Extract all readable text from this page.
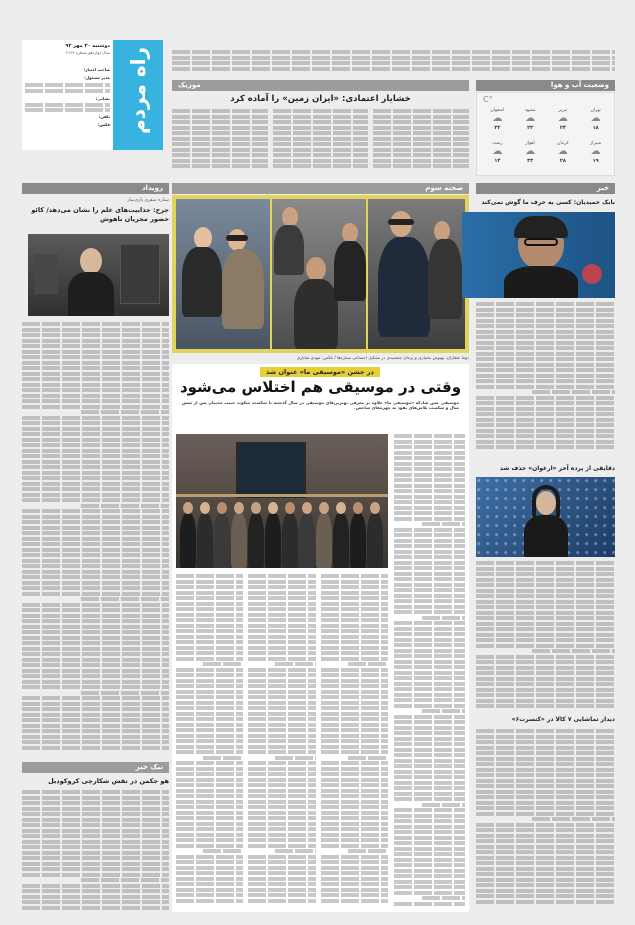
راه مردم
دوشنبه ۳۰ مهر ۹۳
سال دوازدهم شماره ۲۱۲۹
صاحب امتیاز:
مدیر مسئول:
نشانی:
تلفن:
فکس:
موزیک
خشایار اعتمادی: «ایران زمین» را آماده کرد
وضعیت آب و هوا
°C
تهران
☁
۱۸
تبریز
☁
۲۴
مشهد
☁
۲۳
اصفهان
☁
۲۲
شیراز
☁
۱۹
کرمان
☁
۲۸
اهواز
☁
۳۳
رشت
☁
۱۴
رویداد
ستاره صفری بازی‌ساز
جرج: جذابیت‌های علم را نشان می‌دهد/ کائو حضور مجریان باهوش
نیک خبر
هو جکمن در نقش شکارچی کروکودیل
صحنه سوم
دوما عطاران، بهنوش بختیاری و پژمان جمشیدی در تشکیل اجتماعی ستاره‌ها / عکس: مهدی شایاری
در جشن «موسیقی ما» عنوان شد
وقتی در موسیقی هم اختلاس می‌شود
موسیقی حس شادکه «موسیقی ما» علاوه بر معرفی بهترین‌های موسیقی در سال گذشته با شکست سکوت حبیب محبیان پس از شش سال و شکست تلاش‌های نفوذ به چهره‌های شاخص.
خبر
بابک حمیدیان: کسی به حرف ما گوش نمی‌کند
دقایقی از پرده آخر «ارغوان» حذف شد
دیدار تماشایی ۷ کالا در «کنسرت۶»
